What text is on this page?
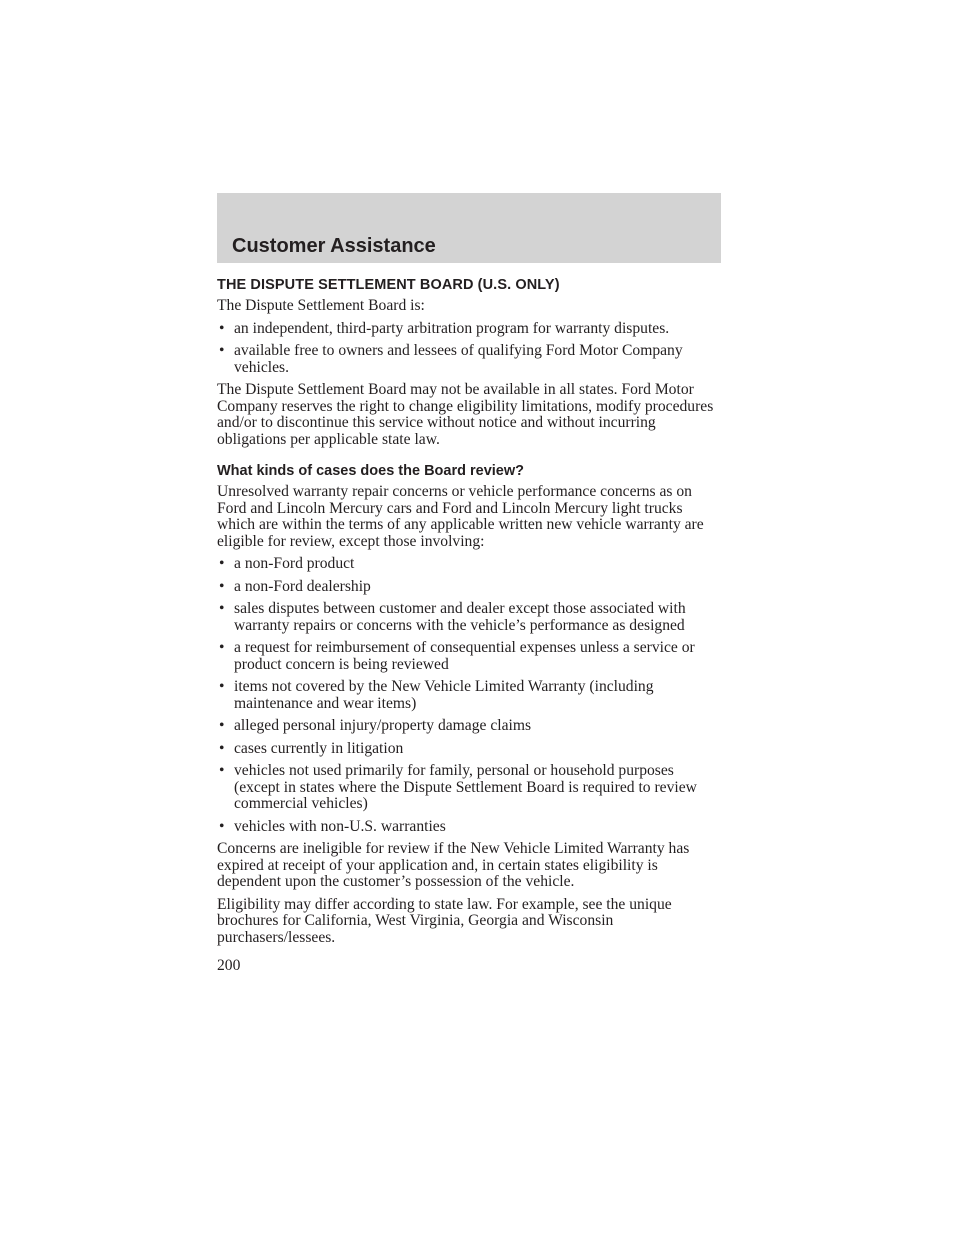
Customer Assistance
THE DISPUTE SETTLEMENT BOARD (U.S. ONLY)

The Dispute Settlement Board is:

• an independent, third-party arbitration program for warranty disputes.
• available free to owners and lessees of qualifying Ford Motor Company vehicles.

The Dispute Settlement Board may not be available in all states. Ford Motor Company reserves the right to change eligibility limitations, modify procedures and/or to discontinue this service without notice and without incurring obligations per applicable state law.

What kinds of cases does the Board review?

Unresolved warranty repair concerns or vehicle performance concerns as on Ford and Lincoln Mercury cars and Ford and Lincoln Mercury light trucks which are within the terms of any applicable written new vehicle warranty are eligible for review, except those involving:

• a non-Ford product
• a non-Ford dealership
• sales disputes between customer and dealer except those associated with warranty repairs or concerns with the vehicle’s performance as designed
• a request for reimbursement of consequential expenses unless a service or product concern is being reviewed
• items not covered by the New Vehicle Limited Warranty (including maintenance and wear items)
• alleged personal injury/property damage claims
• cases currently in litigation
• vehicles not used primarily for family, personal or household purposes (except in states where the Dispute Settlement Board is required to review commercial vehicles)
• vehicles with non-U.S. warranties

Concerns are ineligible for review if the New Vehicle Limited Warranty has expired at receipt of your application and, in certain states eligibility is dependent upon the customer’s possession of the vehicle.

Eligibility may differ according to state law. For example, see the unique brochures for California, West Virginia, Georgia and Wisconsin purchasers/lessees.

200
